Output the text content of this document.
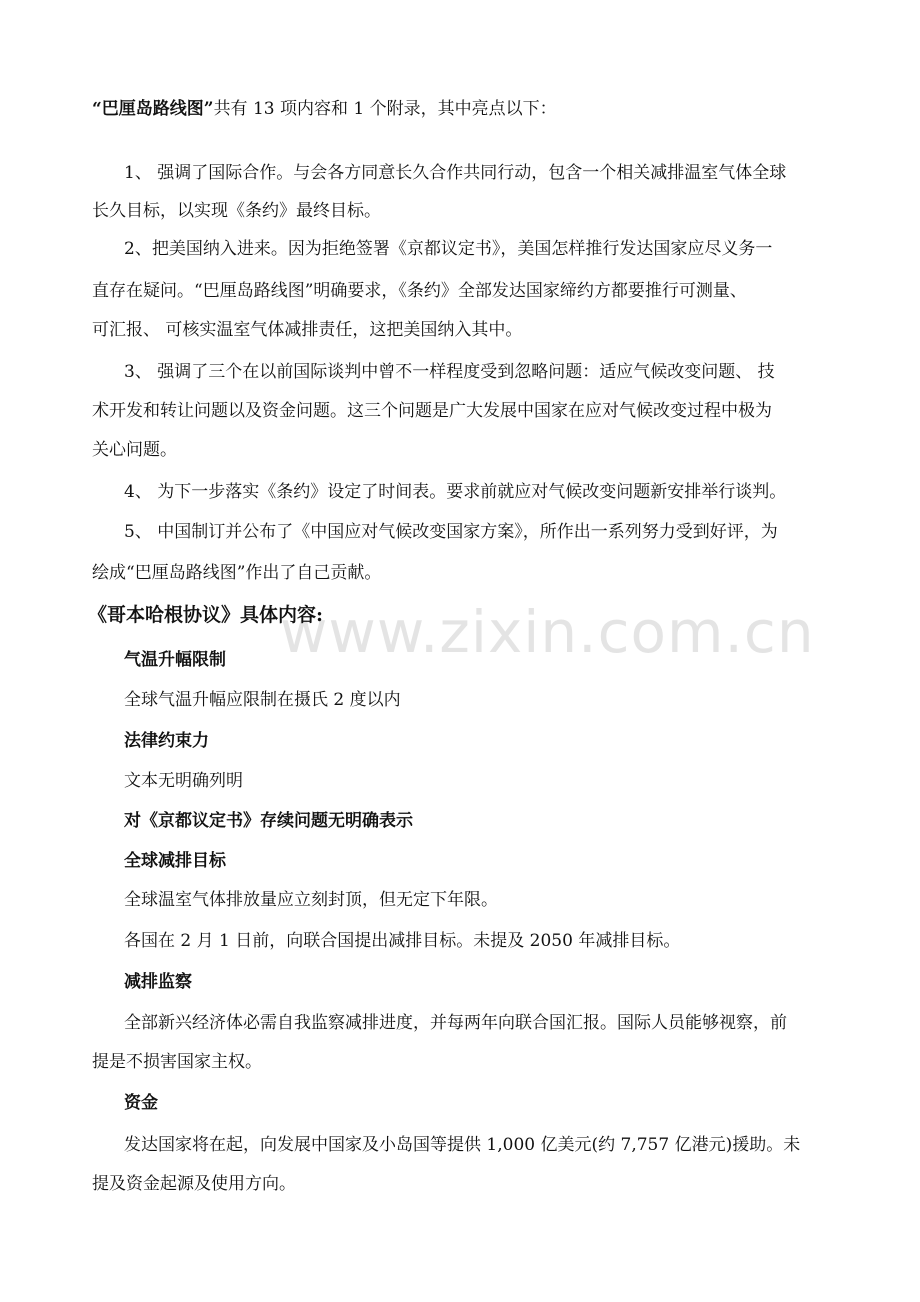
www.zixin.com.cn
“巴厘岛路线图”共有 13 项内容和 1 个附录，其中亮点以下：
1、 强调了国际合作。与会各方同意长久合作共同行动，包含一个相关减排温室气体全球
长久目标，以实现《条约》最终目标。
2、把美国纳入进来。因为拒绝签署《京都议定书》，美国怎样推行发达国家应尽义务一
直存在疑问。“巴厘岛路线图”明确要求，《条约》全部发达国家缔约方都要推行可测量、
可汇报、 可核实温室气体减排责任，这把美国纳入其中。
3、 强调了三个在以前国际谈判中曾不一样程度受到忽略问题：适应气候改变问题、 技
术开发和转让问题以及资金问题。这三个问题是广大发展中国家在应对气候改变过程中极为
关心问题。
4、 为下一步落实《条约》设定了时间表。要求前就应对气候改变问题新安排举行谈判。
5、 中国制订并公布了《中国应对气候改变国家方案》，所作出一系列努力受到好评，为
绘成“巴厘岛路线图”作出了自己贡献。
《哥本哈根协议》具体内容:
气温升幅限制
全球气温升幅应限制在摄氏 2 度以内
法律约束力
文本无明确列明
对《京都议定书》存续问题无明确表示
全球减排目标
全球温室气体排放量应立刻封顶，但无定下年限。
各国在 2 月 1 日前，向联合国提出减排目标。未提及 2050 年减排目标。
减排监察
全部新兴经济体必需自我监察减排进度，并每两年向联合国汇报。国际人员能够视察，前
提是不损害国家主权。
资金
发达国家将在起，向发展中国家及小岛国等提供 1,000 亿美元(约 7,757 亿港元)援助。未
提及资金起源及使用方向。
